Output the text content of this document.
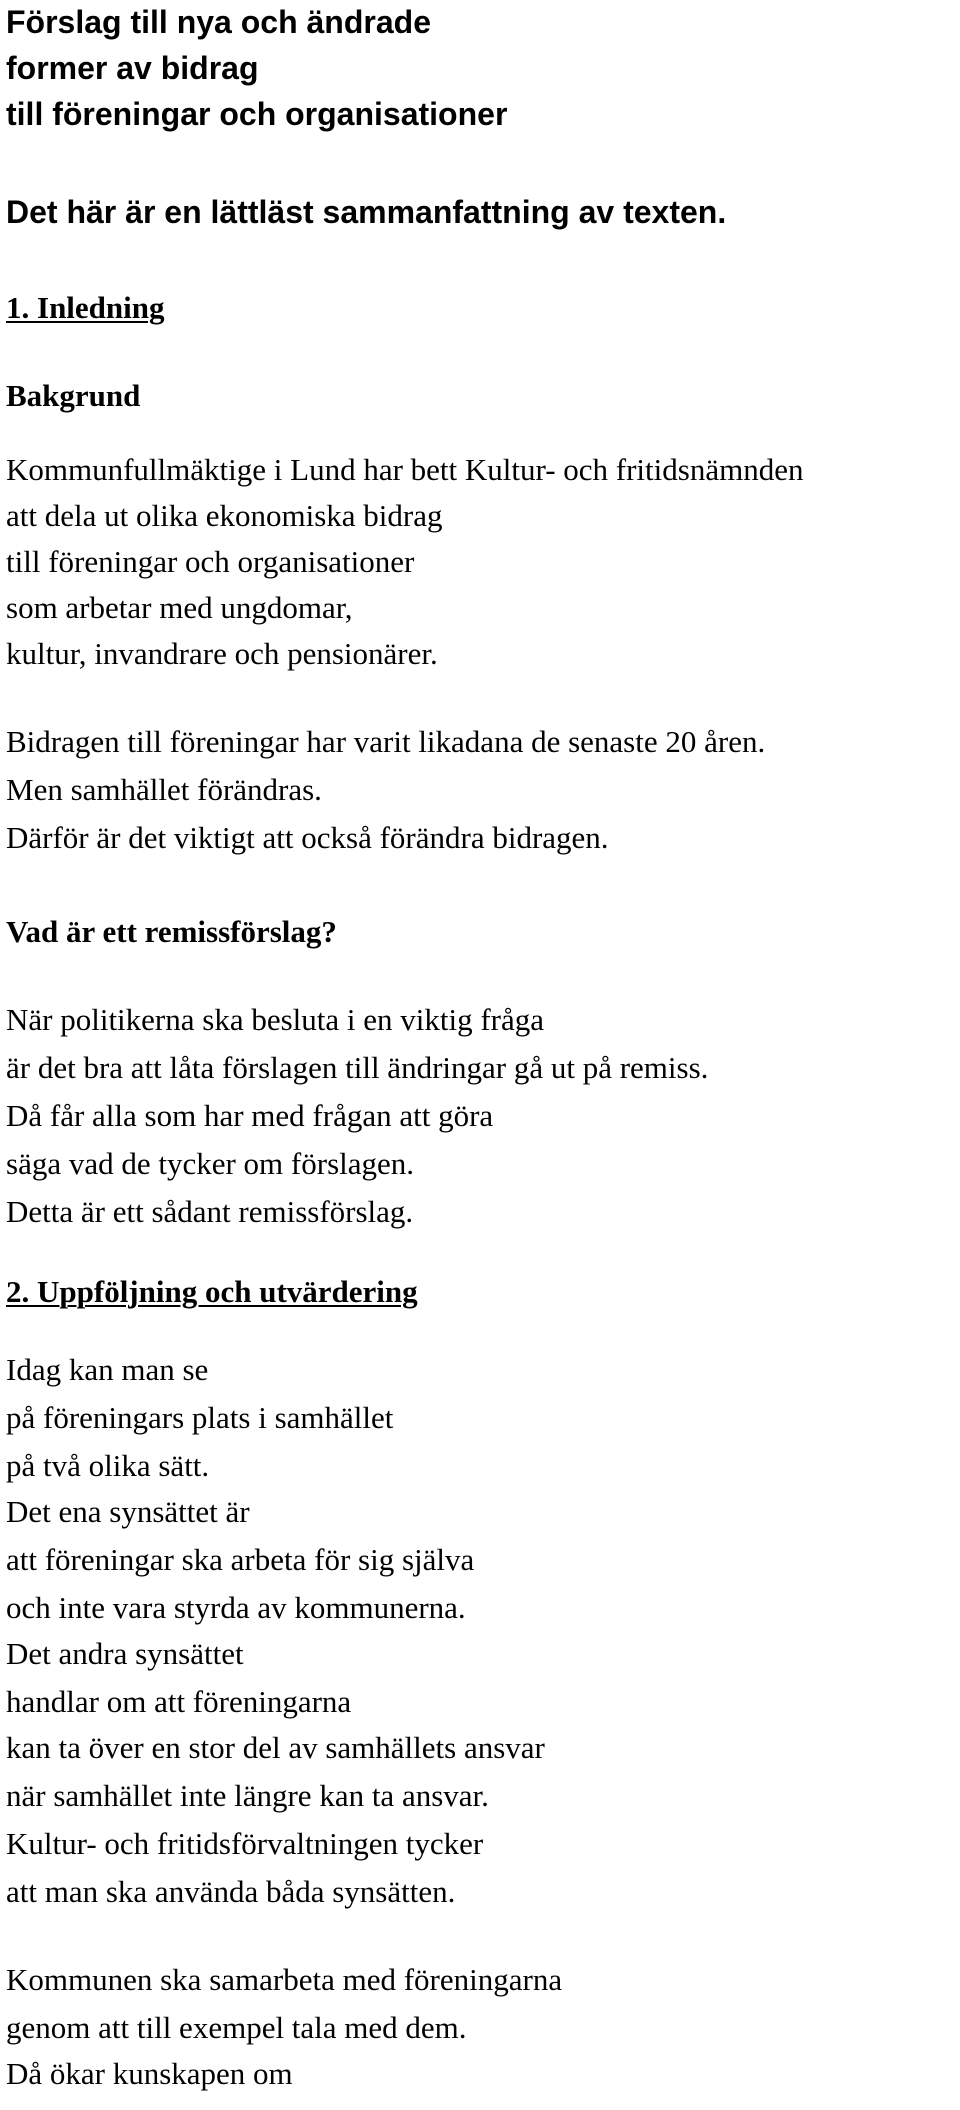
Förslag till nya och ändrade

former av bidrag

till föreningar och organisationer

Det här är en lättläst sammanfattning av texten.

1. Inledning

Bakgrund

Kommunfullmäktige i Lund har bett Kultur- och fritidsnämnden

att dela ut olika ekonomiska bidrag

till föreningar och organisationer

som arbetar med ungdomar,

kultur, invandrare och pensionärer.

Bidragen till föreningar har varit likadana de senaste 20 åren.

Men samhället förändras.

Därför är det viktigt att också förändra bidragen.

Vad är ett remissförslag?

När politikerna ska besluta i en viktig fråga

är det bra att låta förslagen till ändringar gå ut på remiss.

Då får alla som har med frågan att göra

säga vad de tycker om förslagen.

Detta är ett sådant remissförslag.

2. Uppföljning och utvärdering

Idag kan man se

på föreningars plats i samhället

på två olika sätt.

Det ena synsättet är

att föreningar ska arbeta för sig själva

och inte vara styrda av kommunerna.

Det andra synsättet

handlar om att föreningarna

kan ta över en stor del av samhällets ansvar

när samhället inte längre kan ta ansvar.

Kultur- och fritidsförvaltningen tycker

att man ska använda båda synsätten.

Kommunen ska samarbeta med föreningarna

genom att till exempel tala med dem.

Då ökar kunskapen om
